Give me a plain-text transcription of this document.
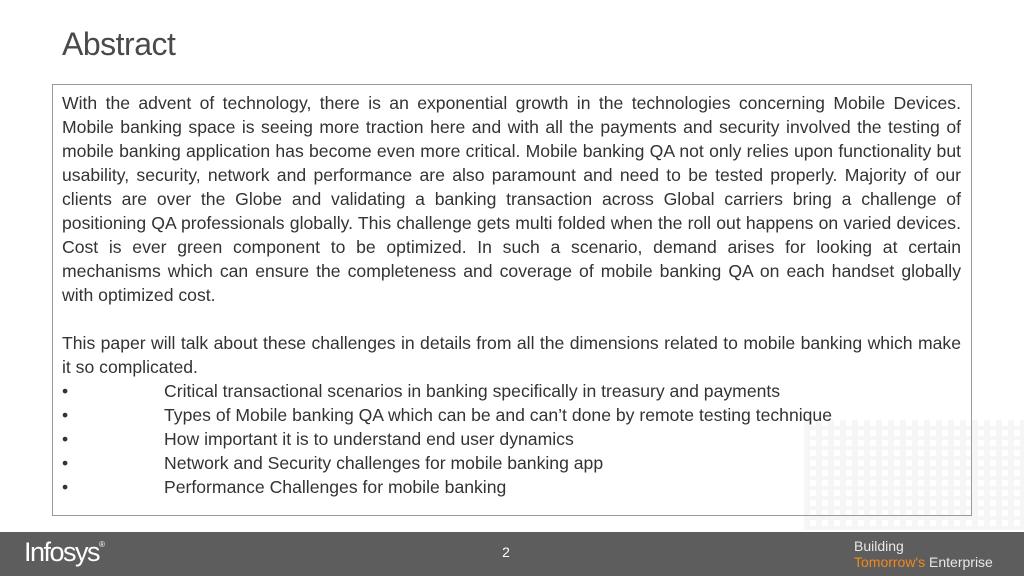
Abstract

With the advent of technology, there is an exponential growth in the technologies concerning Mobile Devices. Mobile banking space is seeing more traction here and with all the payments and security involved the testing of mobile banking application has become even more critical. Mobile banking QA not only relies upon functionality but usability, security, network and performance are also paramount and need to be tested properly. Majority of our clients are over the Globe and validating a banking transaction across Global carriers bring a challenge of positioning QA professionals globally. This challenge gets multi folded when the roll out happens on varied devices. Cost is ever green component to be optimized. In such a scenario, demand arises for looking at certain mechanisms which can ensure the completeness and coverage of mobile banking QA on each handset globally with optimized cost.

This paper will talk about these challenges in details from all the dimensions related to mobile banking which make it so complicated.

•	Critical transactional scenarios in banking specifically in treasury and payments
•	Types of Mobile banking QA which can be and can’t done by remote testing technique
•	How important it is to understand end user dynamics
•	Network and Security challenges for mobile banking app
•	Performance Challenges for mobile banking
Infosys®	2	Building
Tomorrow's Enterprise
